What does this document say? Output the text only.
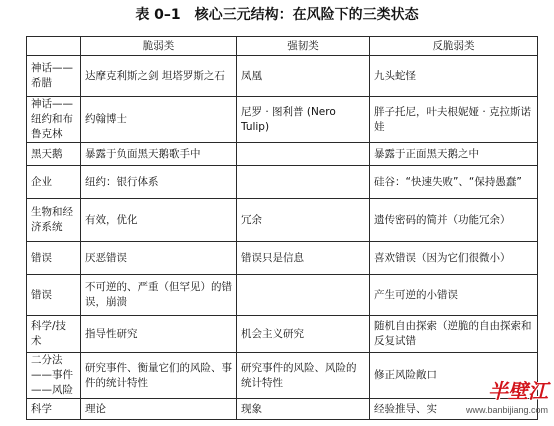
表 0–1 核心三元结构：在风险下的三类状态
	脆弱类	强韧类	反脆弱类
神话——希腊	达摩克利斯之剑 坦塔罗斯之石	凤凰	九头蛇怪
神话——纽约和布鲁克林	约翰博士	尼罗 · 图利普 (Nero Tulip)	胖子托尼，叶夫根妮娅 · 克拉斯诺娃
黑天鹅	暴露于负面黑天鹅歌手中		暴露于正面黑天鹅之中
企业	纽约：银行体系		硅谷：“快速失败”、“保持愚蠢”
生物和经济系统	有效，优化	冗余	遗传密码的简并（功能冗余）
错误	厌恶错误	错误只是信息	喜欢错误（因为它们很微小）
错误	不可逆的、严重（但罕见）的错误，崩溃		产生可逆的小错误
科学/技术	指导性研究	机会主义研究	随机自由探索（逆脆的自由探索和反复试错
二分法——事件——风险	研究事件、衡量它们的风险、事件的统计特性	研究事件的风险、风险的统计特性	修正风险敞口
科学	理论	现象	经验推导、实
半壁江
www.banbijiang.com
